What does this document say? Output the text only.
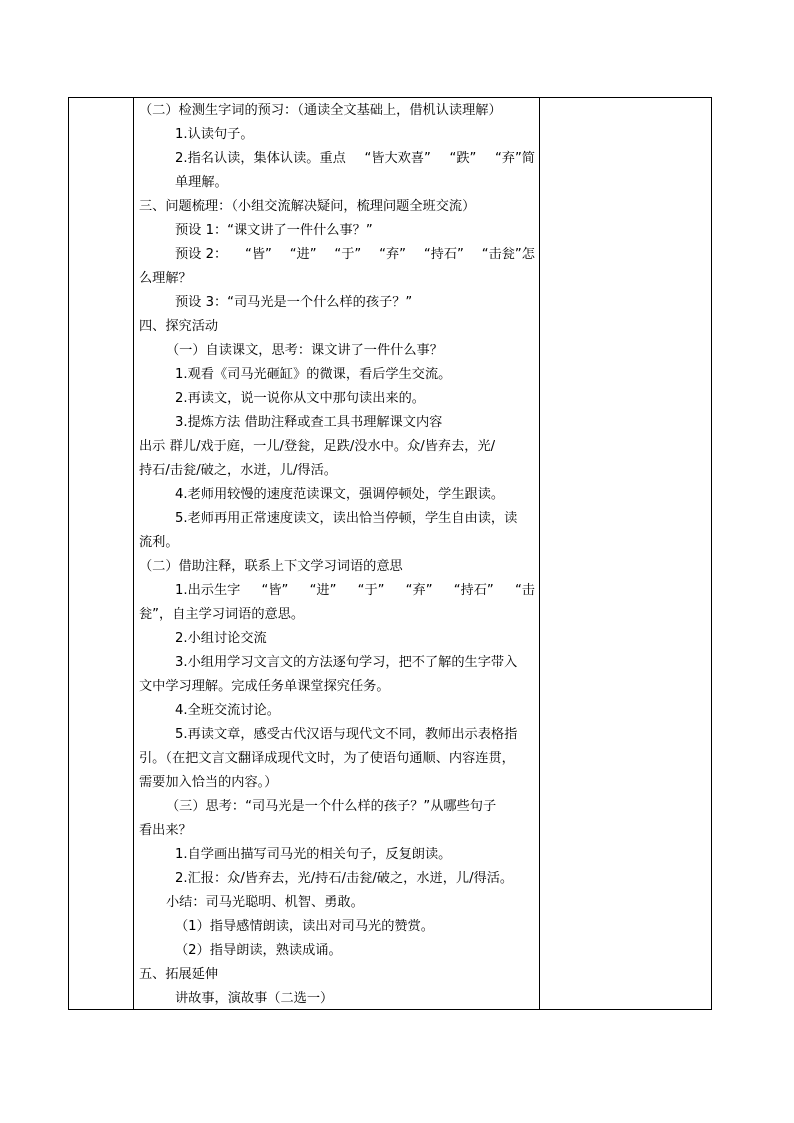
（二）检测生字词的预习：（通读全文基础上，借机认读理解）
1.认读句子。
2.指名认读，集体认读。重点 “皆大欢喜” “跌” “弃”简
单理解。
三、问题梳理：（小组交流解决疑问，梳理问题全班交流）
预设 1：“课文讲了一件什么事？”
预设 2： “皆” “进” “于” “弃” “持石” “击瓮”怎
么理解？
预设 3：“司马光是一个什么样的孩子？”
四、探究活动
（一）自读课文，思考：课文讲了一件什么事？
1.观看《司马光砸缸》的微课，看后学生交流。
2.再读文，说一说你从文中那句读出来的。
3.提炼方法 借助注释或查工具书理解课文内容
出示 群儿/戏于庭，一儿/登瓮，足跌/没水中。众/皆弃去，光/
持石/击瓮/破之，水迸，儿/得活。
4.老师用较慢的速度范读课文，强调停顿处，学生跟读。
5.老师再用正常速度读文，读出恰当停顿，学生自由读，读
流利。
（二）借助注释，联系上下文学习词语的意思
1.出示生字 “皆” “进” “于” “弃” “持石” “击
瓮”，自主学习词语的意思。
2.小组讨论交流
3.小组用学习文言文的方法逐句学习，把不了解的生字带入
文中学习理解。完成任务单课堂探究任务。
4.全班交流讨论。
5.再读文章，感受古代汉语与现代文不同，教师出示表格指
引。（在把文言文翻译成现代文时，为了使语句通顺、内容连贯，
需要加入恰当的内容。）
（三）思考：“司马光是一个什么样的孩子？”从哪些句子
看出来？
1.自学画出描写司马光的相关句子，反复朗读。
2.汇报：众/皆弃去，光/持石/击瓮/破之，水迸，儿/得活。
小结：司马光聪明、机智、勇敢。
（1）指导感情朗读，读出对司马光的赞赏。
（2）指导朗读，熟读成诵。
五、拓展延伸
讲故事，演故事（二选一）
